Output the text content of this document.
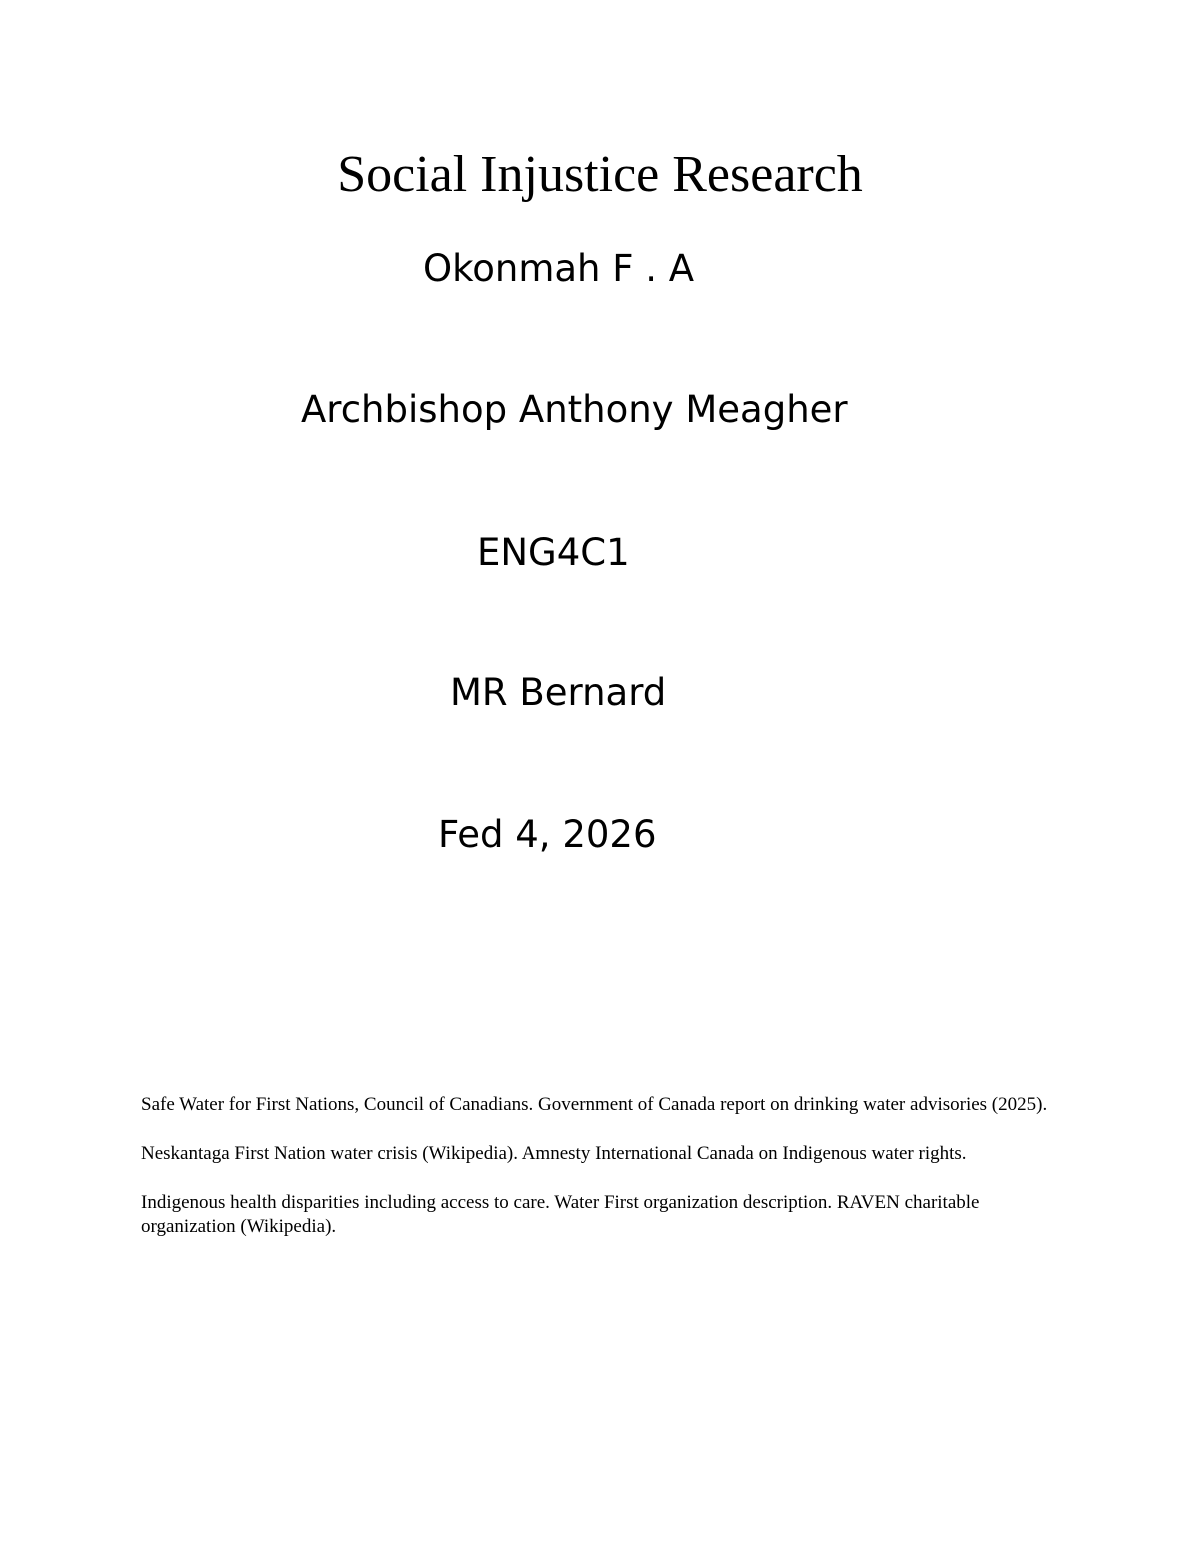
Social Injustice Research
Okonmah F . A
Archbishop Anthony Meagher
ENG4C1
MR Bernard
Fed 4, 2026

Safe Water for First Nations, Council of Canadians. Government of Canada report on drinking water advisories (2025).

Neskantaga First Nation water crisis (Wikipedia). Amnesty International Canada on Indigenous water rights.

Indigenous health disparities including access to care. Water First organization description. RAVEN charitable organization (Wikipedia).
